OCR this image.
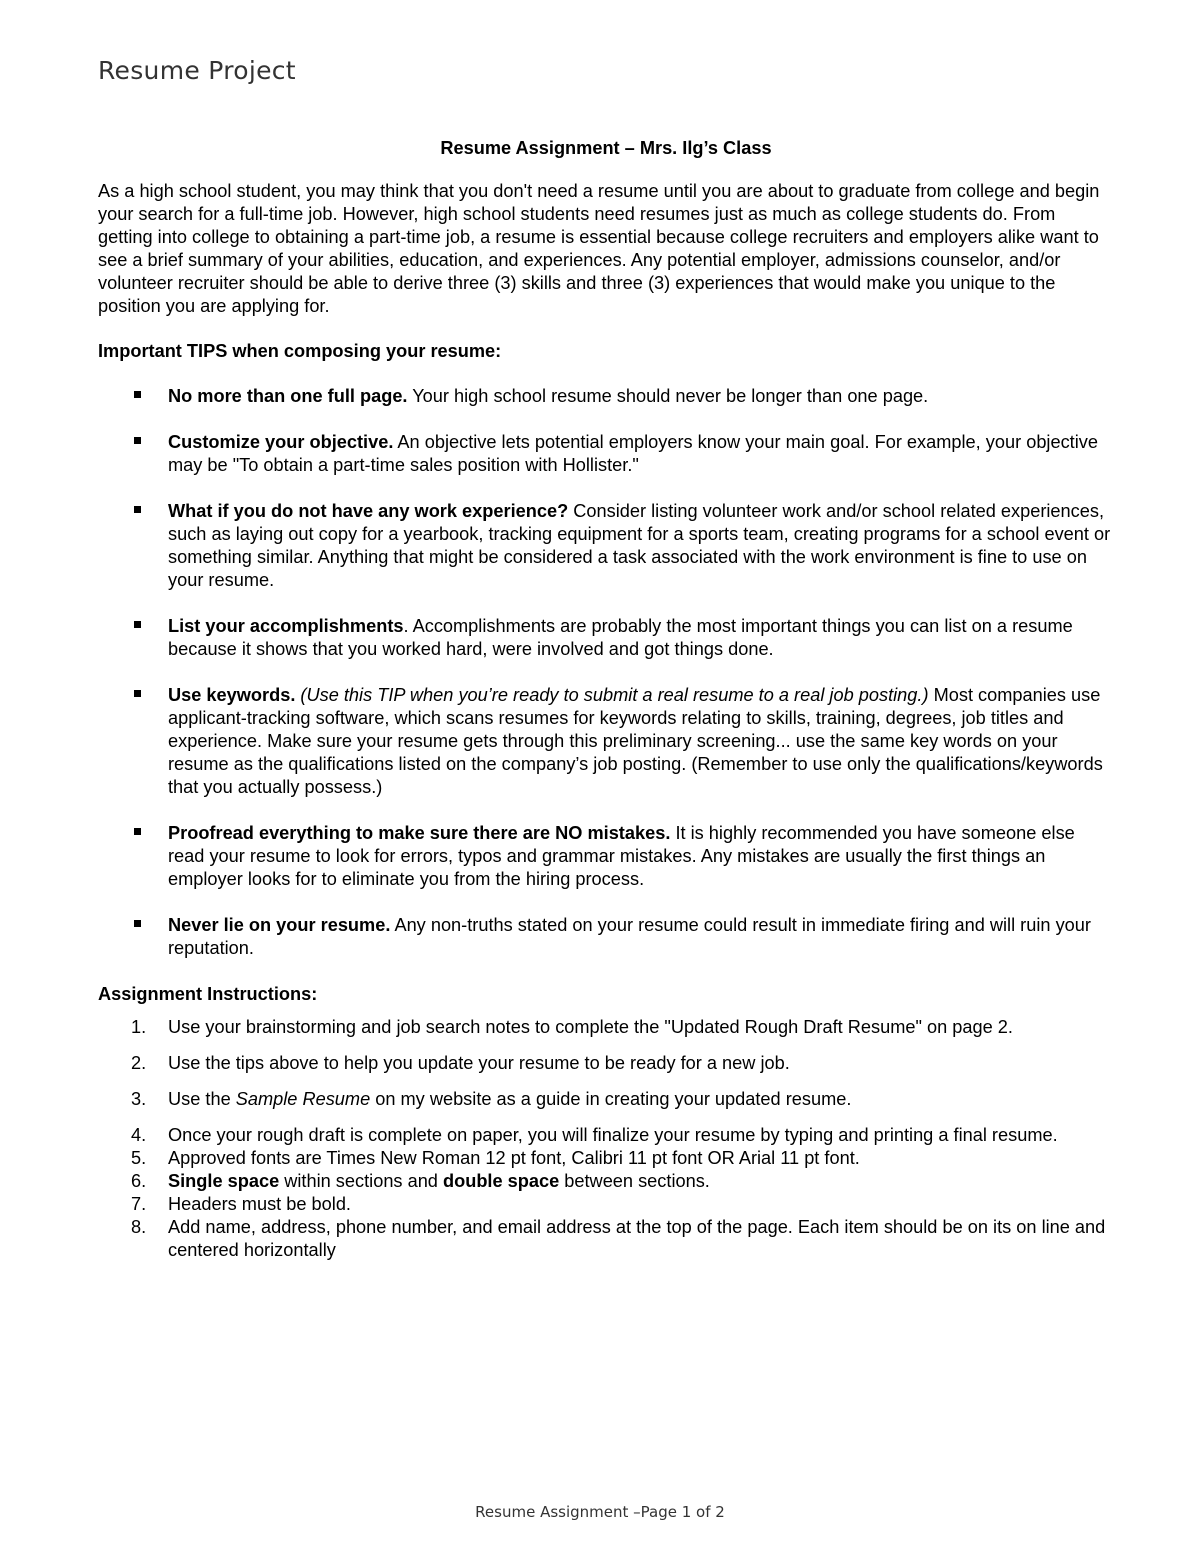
Resume Project
Resume Assignment – Mrs. Ilg’s Class

As a high school student, you may think that you don't need a resume until you are about to graduate from college and begin your search for a full-time job. However, high school students need resumes just as much as college students do. From getting into college to obtaining a part-time job, a resume is essential because college recruiters and employers alike want to see a brief summary of your abilities, education, and experiences. Any potential employer, admissions counselor, and/or volunteer recruiter should be able to derive three (3) skills and three (3) experiences that would make you unique to the position you are applying for.

Important TIPS when composing your resume:
No more than one full page. Your high school resume should never be longer than one page.
Customize your objective. An objective lets potential employers know your main goal. For example, your objective may be "To obtain a part-time sales position with Hollister."
What if you do not have any work experience? Consider listing volunteer work and/or school related experiences, such as laying out copy for a yearbook, tracking equipment for a sports team, creating programs for a school event or something similar. Anything that might be considered a task associated with the work environment is fine to use on your resume.
List your accomplishments. Accomplishments are probably the most important things you can list on a resume because it shows that you worked hard, were involved and got things done.
Use keywords. (Use this TIP when you’re ready to submit a real resume to a real job posting.) Most companies use applicant-tracking software, which scans resumes for keywords relating to skills, training, degrees, job titles and experience. Make sure your resume gets through this preliminary screening... use the same key words on your resume as the qualifications listed on the company’s job posting. (Remember to use only the qualifications/keywords that you actually possess.)
Proofread everything to make sure there are NO mistakes. It is highly recommended you have someone else read your resume to look for errors, typos and grammar mistakes. Any mistakes are usually the first things an employer looks for to eliminate you from the hiring process.
Never lie on your resume. Any non-truths stated on your resume could result in immediate firing and will ruin your reputation.
Assignment Instructions:
1. Use your brainstorming and job search notes to complete the "Updated Rough Draft Resume" on page 2.
2. Use the tips above to help you update your resume to be ready for a new job.
3. Use the Sample Resume on my website as a guide in creating your updated resume.
4. Once your rough draft is complete on paper, you will finalize your resume by typing and printing a final resume.
5. Approved fonts are Times New Roman 12 pt font, Calibri 11 pt font OR Arial 11 pt font.
6. Single space within sections and double space between sections.
7. Headers must be bold.
8. Add name, address, phone number, and email address at the top of the page. Each item should be on its on line and centered horizontally
Resume Assignment –Page 1 of 2
